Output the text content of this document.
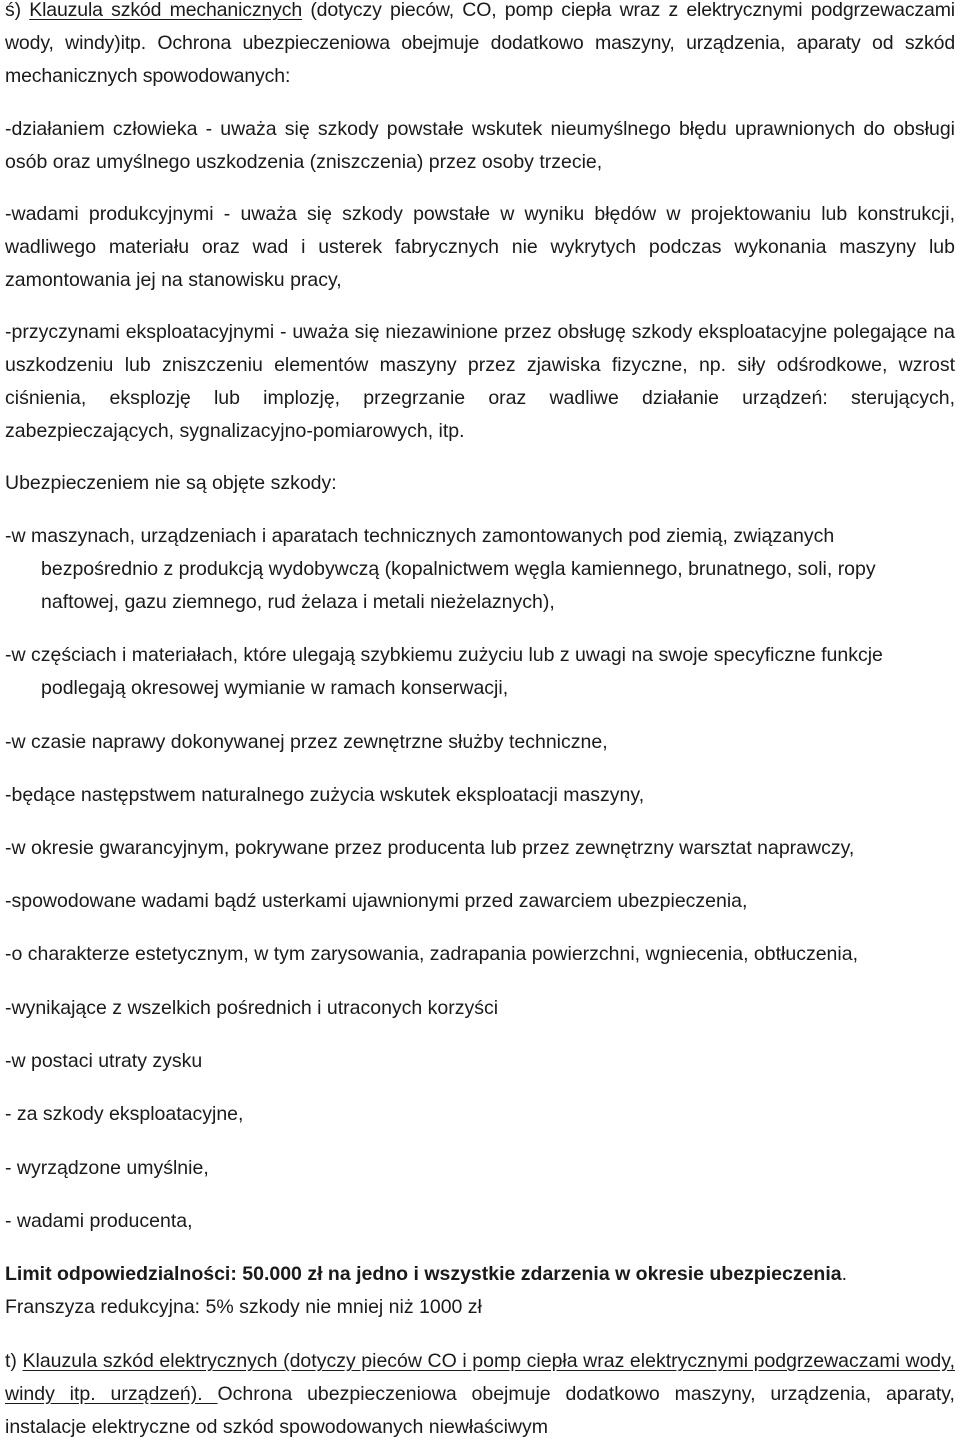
ś) Klauzula szkód mechanicznych (dotyczy pieców, CO, pomp ciepła wraz z elektrycznymi podgrzewaczami wody, windy)itp. Ochrona ubezpieczeniowa obejmuje dodatkowo maszyny, urządzenia, aparaty od szkód mechanicznych spowodowanych:

-działaniem człowieka - uważa się szkody powstałe wskutek nieumyślnego błędu uprawnionych do obsługi osób oraz umyślnego uszkodzenia (zniszczenia) przez osoby trzecie,

-wadami produkcyjnymi - uważa się szkody powstałe w wyniku błędów w projektowaniu lub konstrukcji, wadliwego materiału oraz wad i usterek fabrycznych nie wykrytych podczas wykonania maszyny lub zamontowania jej na stanowisku pracy,

-przyczynami eksploatacyjnymi - uważa się niezawinione przez obsługę szkody eksploatacyjne polegające na uszkodzeniu lub zniszczeniu elementów maszyny przez zjawiska fizyczne, np. siły odśrodkowe, wzrost ciśnienia, eksplozję lub implozję, przegrzanie oraz wadliwe działanie urządzeń: sterujących, zabezpieczających, sygnalizacyjno-pomiarowych, itp.

Ubezpieczeniem nie są objęte szkody:

-w maszynach, urządzeniach i aparatach technicznych zamontowanych pod ziemią, związanych
bezpośrednio z produkcją wydobywczą (kopalnictwem węgla kamiennego, brunatnego, soli, ropy naftowej, gazu ziemnego, rud żelaza i metali nieżelaznych),
-w częściach i materiałach, które ulegają szybkiemu zużyciu lub z uwagi na swoje specyficzne funkcje
podlegają okresowej wymianie w ramach konserwacji,

-w czasie naprawy dokonywanej przez zewnętrzne służby techniczne,

-będące następstwem naturalnego zużycia wskutek eksploatacji maszyny,

-w okresie gwarancyjnym, pokrywane przez producenta lub przez zewnętrzny warsztat naprawczy,

-spowodowane wadami bądź usterkami ujawnionymi przed zawarciem ubezpieczenia,

-o charakterze estetycznym, w tym zarysowania, zadrapania powierzchni, wgniecenia, obtłuczenia,

-wynikające z wszelkich pośrednich i utraconych korzyści

-w postaci utraty zysku

- za szkody eksploatacyjne,

- wyrządzone umyślnie,

- wadami producenta,

Limit odpowiedzialności: 50.000 zł na jedno i wszystkie zdarzenia w okresie ubezpieczenia.
Franszyza redukcyjna: 5% szkody nie mniej niż 1000 zł

t) Klauzula szkód elektrycznych (dotyczy pieców CO i pomp ciepła wraz elektrycznymi podgrzewaczami wody, windy itp. urządzeń). Ochrona ubezpieczeniowa obejmuje dodatkowo maszyny, urządzenia, aparaty, instalacje elektryczne od szkód spowodowanych niewłaściwym
